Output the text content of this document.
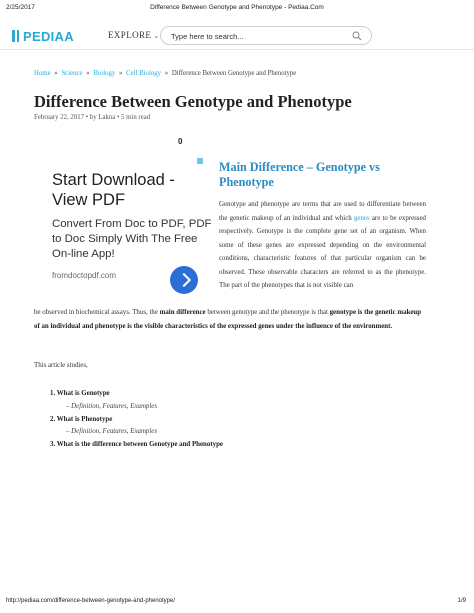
2/25/2017	Difference Between Genotype and Phenotype - Pediaa.Com
PEDIAA	EXPLORE ⌄
Type here to search...
Home » Science » Biology » Cell Biology » Difference Between Genotype and Phenotype
Difference Between Genotype and Phenotype
February 22, 2017 • by Lakna • 5 min read
0
Start Download - View PDF
Convert From Doc to PDF, PDF to Doc Simply With The Free On-line App!
fromdoctopdf.com
Main Difference – Genotype vs Phenotype

Genotype and phenotype are terms that are used to differentiate between the genetic makeup of an individual and which genes are to be expressed respectively. Genotype is the complete gene set of an organism. When some of these genes are expressed depending on the environmental conditions, characteristic features of that particular organism can be observed. These observable characters are referred to as the phenotype. The part of the phenotypes that is not visible can

be observed in biochemical assays. Thus, the main difference between genotype and the phenotype is that genotype is the genetic makeup of an individual and phenotype is the visible characteristics of the expressed genes under the influence of the environment.

This article studies,

1. What is Genotype
– Definition, Features, Examples
2. What is Phenotype
– Definition, Features, Examples
3. What is the difference between Genotype and Phenotype
http://pediaa.com/difference-between-genotype-and-phenotype/	1/9
